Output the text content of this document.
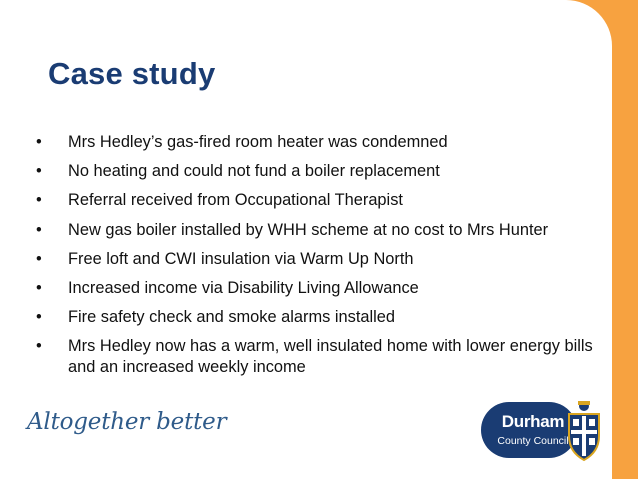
Case study
• Mrs Hedley’s gas-fired room heater was condemned
• No heating and could not fund a boiler replacement
• Referral received from Occupational Therapist
• New gas boiler installed by WHH scheme at no cost to Mrs Hunter
• Free loft and CWI insulation via Warm Up North
• Increased income via Disability Living Allowance
• Fire safety check and smoke alarms installed
• Mrs Hedley now has a warm, well insulated home with lower energy bills and an increased weekly income
Altogether better	Durham
County Council
